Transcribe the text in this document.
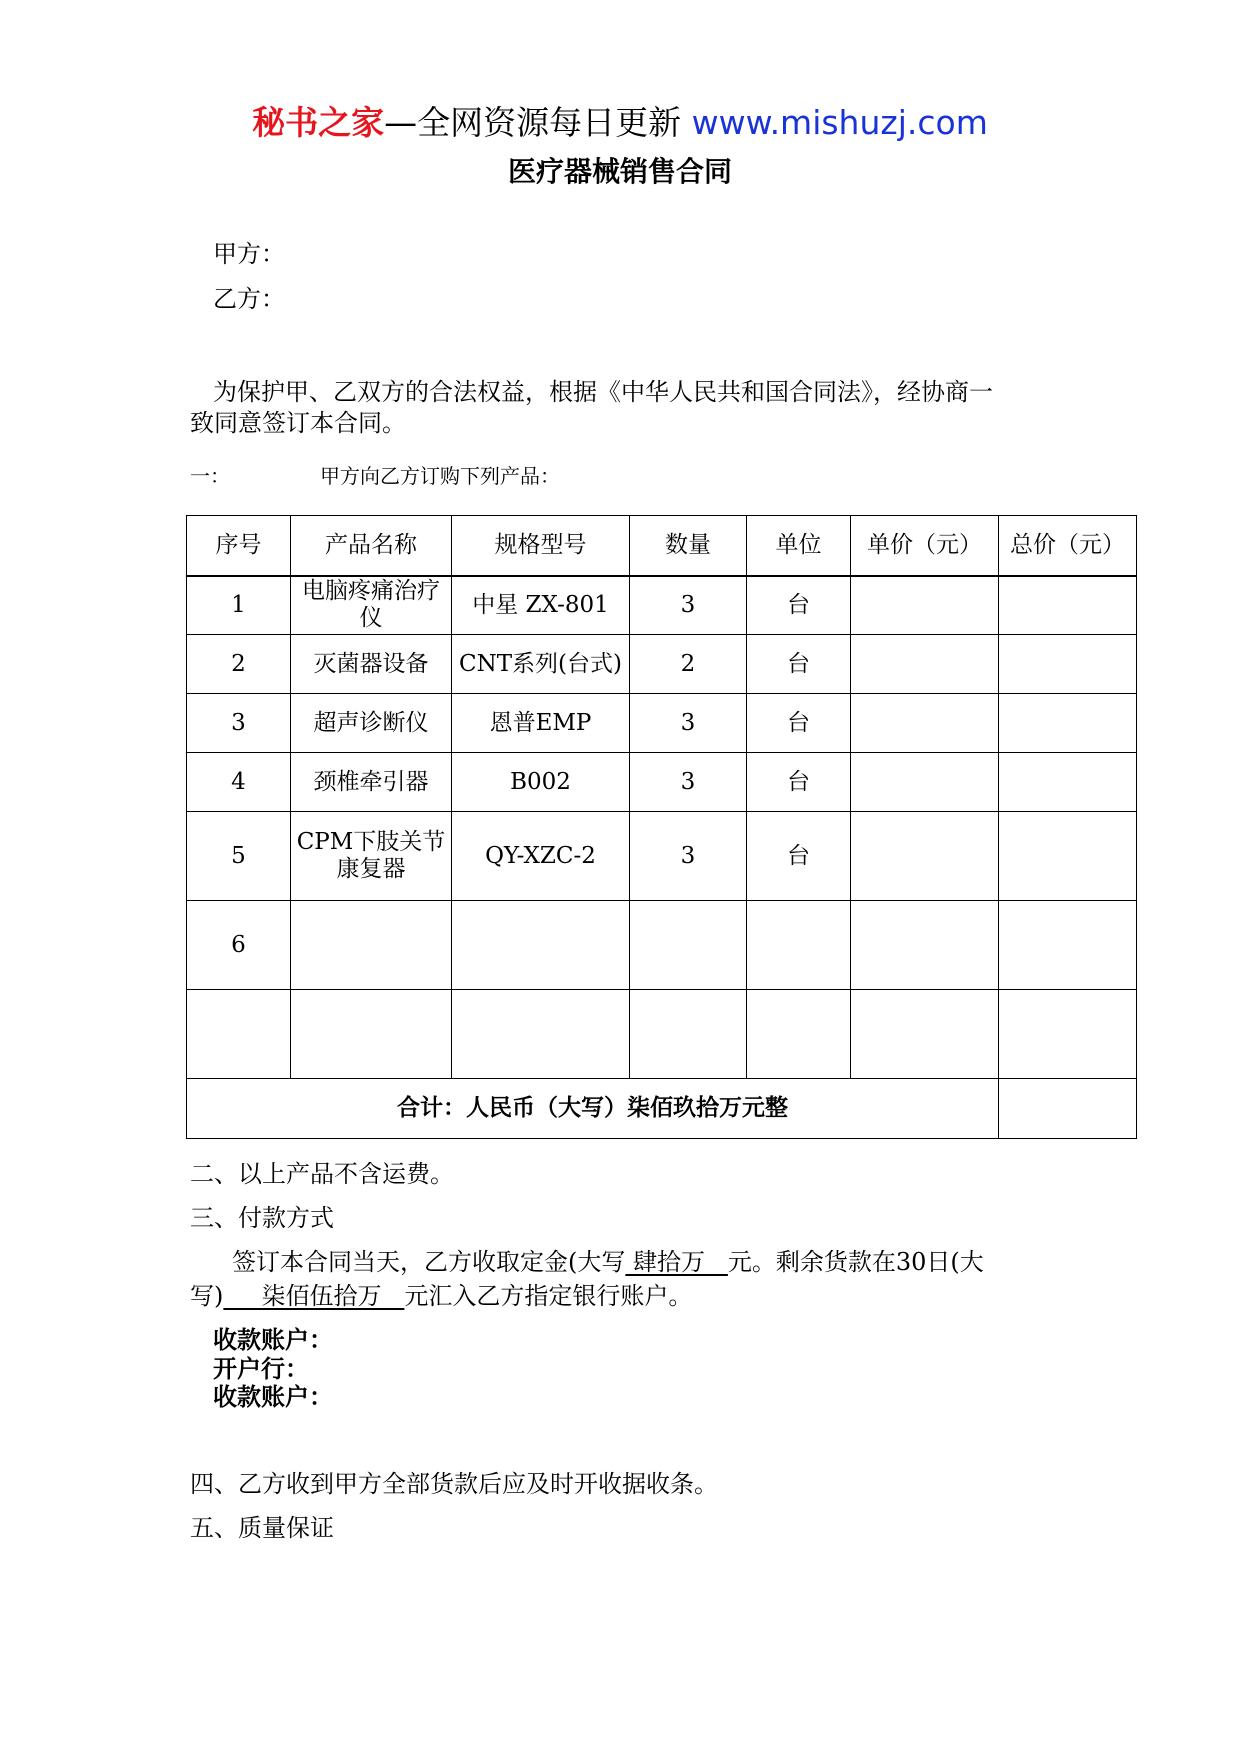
秘书之家—全网资源每日更新 www.mishuzj.com
医疗器械销售合同
甲方：
乙方：
为保护甲、乙双方的合法权益，根据《中华人民共和国合同法》，经协商一
致同意签订本合同。
一：	甲方向乙方订购下列产品：
序号	产品名称	规格型号	数量	单位	单价（元）	总价（元）
1	电脑疼痛治疗仪	中星 ZX-801	3	台		
2	灭菌器设备	CNT系列(台式)	2	台		
3	超声诊断仪	恩普EMP	3	台		
4	颈椎牵引器	B002	3	台		
5	CPM下肢关节康复器	QY-XZC-2	3	台		
6						

合计：人民币（大写）柒佰玖拾万元整						
二、以上产品不含运费。
三、付款方式
签订本合同当天，乙方收取定金(大写 肆拾万   元。剩余货款在30日(大
写)     柒佰伍拾万   元汇入乙方指定银行账户。
收款账户：
开户行：
收款账户：
四、乙方收到甲方全部货款后应及时开收据收条。
五、质量保证
